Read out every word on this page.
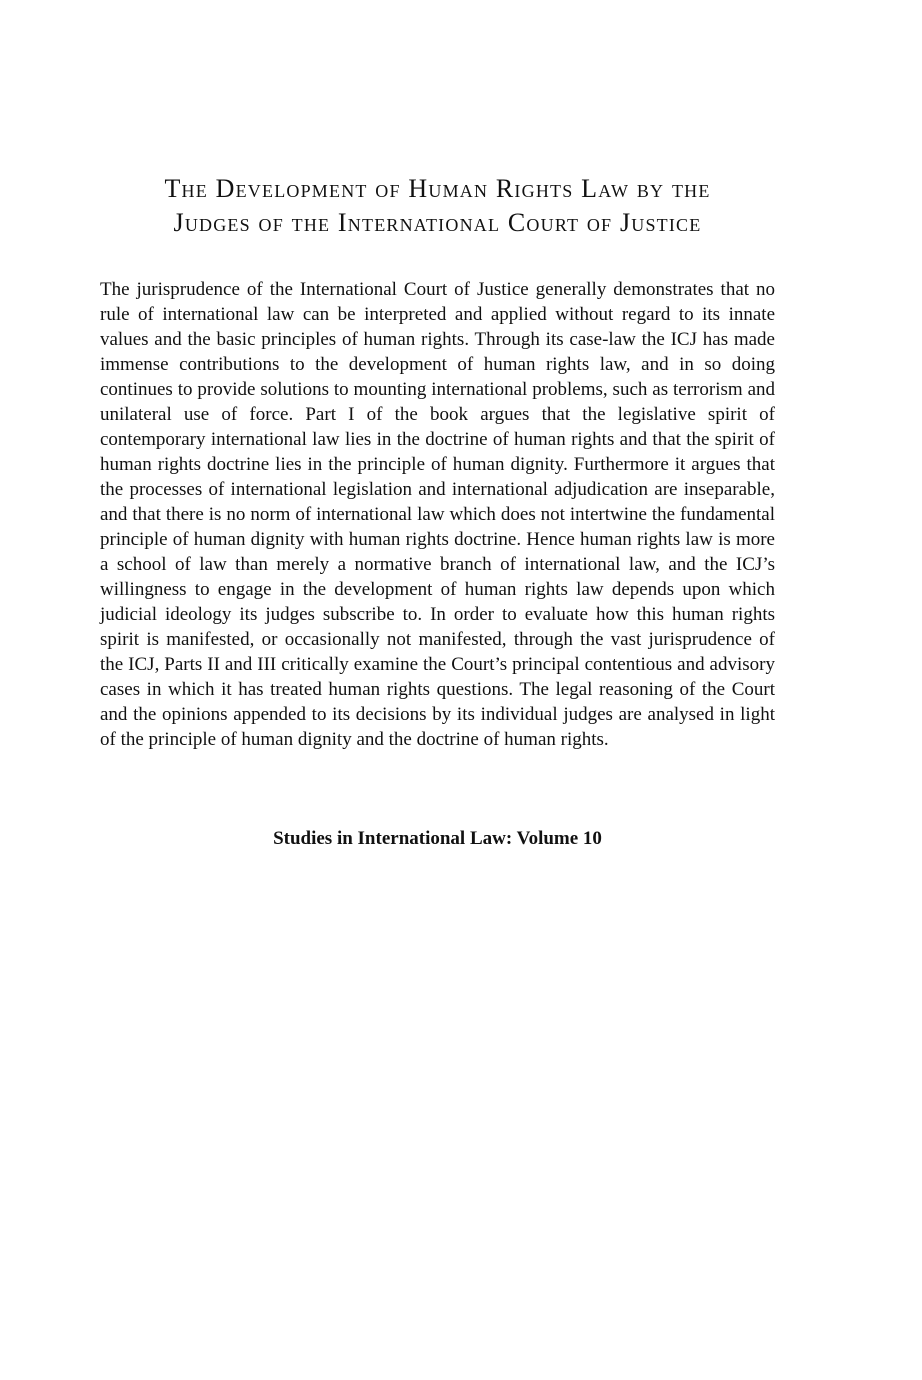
The Development of Human Rights Law by the
Judges of the International Court of Justice

The jurisprudence of the International Court of Justice generally demonstrates that no rule of international law can be interpreted and applied without regard to its innate values and the basic principles of human rights. Through its case-law the ICJ has made immense contributions to the development of human rights law, and in so doing continues to provide solutions to mounting international problems, such as terrorism and unilateral use of force. Part I of the book argues that the legislative spirit of contemporary international law lies in the doctrine of human rights and that the spirit of human rights doctrine lies in the principle of human dignity. Furthermore it argues that the processes of international legislation and international adjudication are inseparable, and that there is no norm of international law which does not intertwine the fundamental principle of human dignity with human rights doctrine. Hence human rights law is more a school of law than merely a normative branch of international law, and the ICJ’s willingness to engage in the development of human rights law depends upon which judicial ideology its judges subscribe to. In order to evaluate how this human rights spirit is manifested, or occasionally not manifested, through the vast jurisprudence of the ICJ, Parts II and III critically examine the Court’s principal contentious and advisory cases in which it has treated human rights questions. The legal reasoning of the Court and the opinions appended to its decisions by its individual judges are analysed in light of the principle of human dignity and the doctrine of human rights.

Studies in International Law: Volume 10
